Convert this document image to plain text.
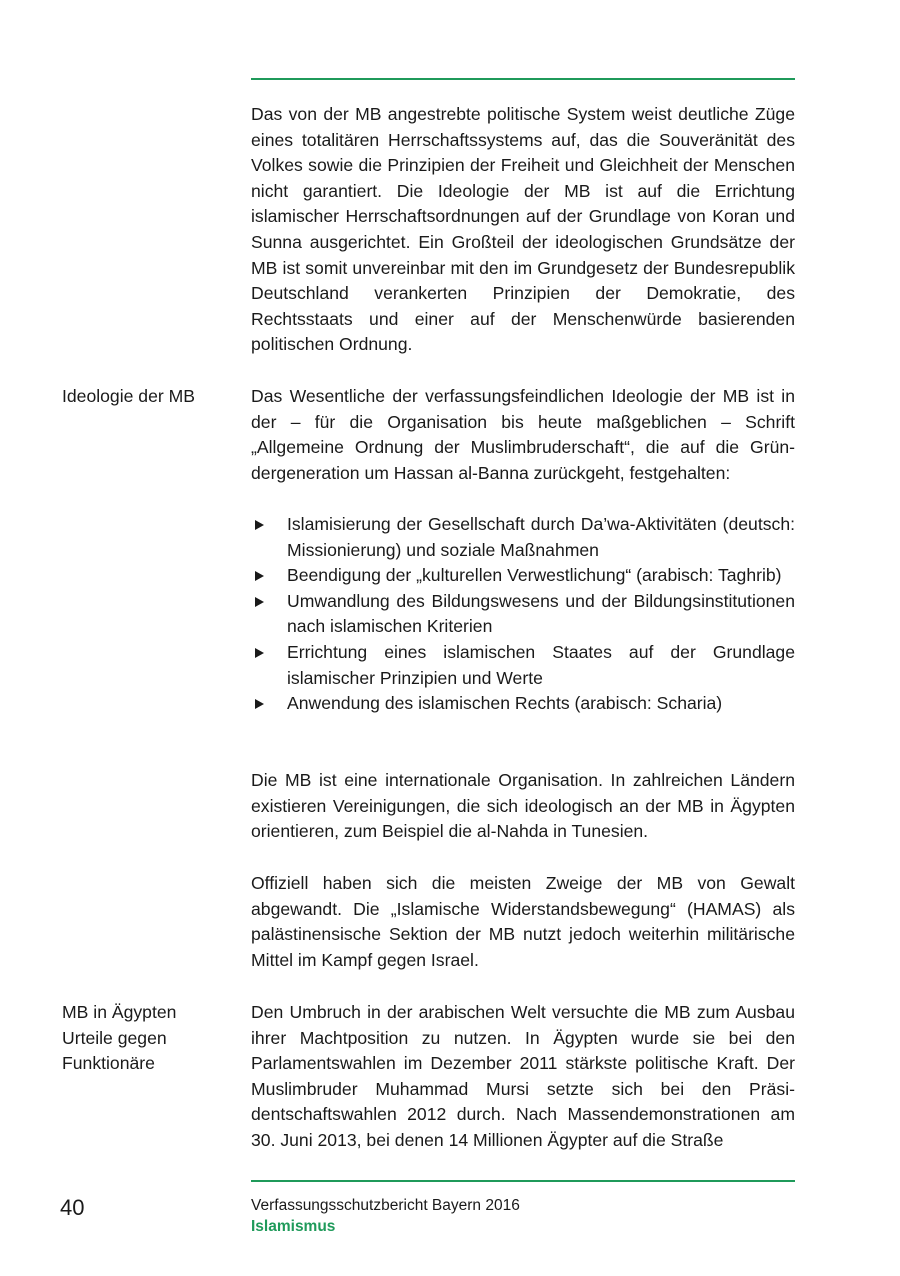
Das von der MB angestrebte politische System weist deutliche Züge eines totalitären Herrschaftssystems auf, das die Souveränität des Volkes sowie die Prinzipien der Freiheit und Gleichheit der Menschen nicht garantiert. Die Ideologie der MB ist auf die Errichtung islamischer Herrschaftsordnungen auf der Grundlage von Koran und Sunna ausgerichtet. Ein Großteil der ideologischen Grundsätze der MB ist somit unvereinbar mit den im Grundgesetz der Bundesrepublik Deutschland verankerten Prinzipien der Demokratie, des Rechtsstaats und einer auf der Menschenwürde basierenden politischen Ordnung.

Ideologie der MB	Das Wesentliche der verfassungsfeindlichen Ideologie der MB ist in der – für die Organisation bis heute maßgeblichen – Schrift „Allgemeine Ordnung der Muslimbruderschaft“, die auf die Gründergeneration um Hassan al-Banna zurückgeht, festgehalten:

Islamisierung der Gesellschaft durch Da’wa-Aktivitäten (deutsch: Missionierung) und soziale Maßnahmen
Beendigung der „kulturellen Verwestlichung“ (arabisch: Taghrib)
Umwandlung des Bildungswesens und der Bildungsinstitutionen nach islamischen Kriterien
Errichtung eines islamischen Staates auf der Grundlage islamischer Prinzipien und Werte
Anwendung des islamischen Rechts (arabisch: Scharia)

Die MB ist eine internationale Organisation. In zahlreichen Ländern existieren Vereinigungen, die sich ideologisch an der MB in Ägypten orientieren, zum Beispiel die al-Nahda in Tunesien.

Offiziell haben sich die meisten Zweige der MB von Gewalt abgewandt. Die „Islamische Widerstandsbewegung“ (HAMAS) als palästinensische Sektion der MB nutzt jedoch weiterhin militärische Mittel im Kampf gegen Israel.

MB in Ägypten
Urteile gegen
Funktionäre

Den Umbruch in der arabischen Welt versuchte die MB zum Ausbau ihrer Machtposition zu nutzen. In Ägypten wurde sie bei den Parlamentswahlen im Dezember 2011 stärkste politische Kraft. Der Muslimbruder Muhammad Mursi setzte sich bei den Präsidentschaftswahlen 2012 durch. Nach Massendemonstrationen am 30. Juni 2013, bei denen 14 Millionen Ägypter auf die Straße

40	Verfassungsschutzbericht Bayern 2016

Islamismus
